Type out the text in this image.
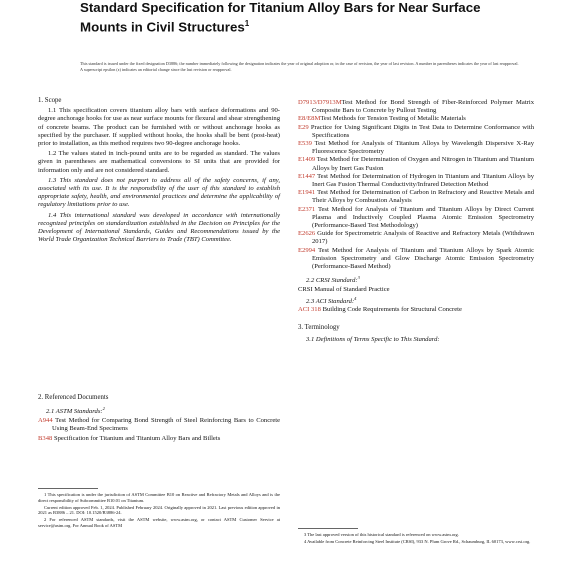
Standard Specification for Titanium Alloy Bars for Near Surface Mounts in Civil Structures$^1$
This standard is issued under the fixed designation D3886; the number immediately following the designation indicates the year of original adoption or, in the case of revision, the year of last revision. A number in parentheses indicates the year of last reapproval. A superscript epsilon (ε) indicates an editorial change since the last revision or reapproval.
1. Scope

1.1 This specification covers titanium alloy bars with surface deformations and 90-degree anchorage hooks for use as near surface mounts for flexural and shear strengthening of concrete beams. The product can be furnished with or without anchorage hooks as specified by the purchaser. If supplied without hooks, the hooks shall be bent (post-heat) prior to installation, as this method requires two 90-degree anchorage hooks.

1.2 The values stated in inch-pound units are to be regarded as standard. The values given in parentheses are mathematical conversions to SI units that are provided for information only and are not considered standard.

1.3 This standard does not purport to address all of the safety concerns, if any, associated with its use. It is the responsibility of the user of this standard to establish appropriate safety, health, and environmental practices and determine the applicability of regulatory limitations prior to use.

1.4 This international standard was developed in accordance with internationally recognized principles on standardization established in the Decision on Principles for the Development of International Standards, Guides and Recommendations issued by the World Trade Organization Technical Barriers to Trade (TBT) Committee.

2. Referenced Documents
2.1 ASTM Standards:$^2$

A944 Test Method for Comparing Bond Strength of Steel Reinforcing Bars to Concrete Using Beam-End Specimens

B348 Specification for Titanium and Titanium Alloy Bars and Billets

1 This specification is under the jurisdiction of ASTM Committee B10 on Reactive and Refractory Metals and Alloys and is the direct responsibility of Subcommittee B10.01 on Titanium.

Current edition approved Feb. 1, 2024. Published February 2024. Originally approved in 2021. Last previous edition approved in 2021 as B3886 – 21. DOI: 10.1520/B3886-24.

2 For referenced ASTM standards, visit the ASTM website, www.astm.org, or contact ASTM Customer Service at service@astm.org. For Annual Book of ASTM

D7913/D7913MTest Method for Bond Strength of Fiber-Reinforced Polymer Matrix Composite Bars to Concrete by Pullout Testing

E8/E8MTest Methods for Tension Testing of Metallic Materials

E29 Practice for Using Significant Digits in Test Data to Determine Conformance with Specifications

E539 Test Method for Analysis of Titanium Alloys by Wavelength Dispersive X-Ray Fluorescence Spectrometry

E1409 Test Method for Determination of Oxygen and Nitrogen in Titanium and Titanium Alloys by Inert Gas Fusion

E1447 Test Method for Determination of Hydrogen in Titanium and Titanium Alloys by Inert Gas Fusion Thermal Conductivity/Infrared Detection Method

E1941 Test Method for Determination of Carbon in Refractory and Reactive Metals and Their Alloys by Combustion Analysis

E2371 Test Method for Analysis of Titanium and Titanium Alloys by Direct Current Plasma and Inductively Coupled Plasma Atomic Emission Spectrometry (Performance-Based Test Methodology)

E2626 Guide for Spectrometric Analysis of Reactive and Refractory Metals (Withdrawn 2017)

E2994 Test Method for Analysis of Titanium and Titanium Alloys by Spark Atomic Emission Spectrometry and Glow Discharge Atomic Emission Spectrometry (Performance-Based Method)

2.2 CRSI Standard:$^3$

CRSI Manual of Standard Practice

2.3 ACI Standard:$^4$

ACI 318 Building Code Requirements for Structural Concrete

3. Terminology
3.1 Definitions of Terms Specific to This Standard:

3 The last approved version of this historical standard is referenced on www.astm.org.

4 Available from Concrete Reinforcing Steel Institute (CRSI), 933 N. Plum Grove Rd., Schaumburg, IL 60173, www.crsi.org.
